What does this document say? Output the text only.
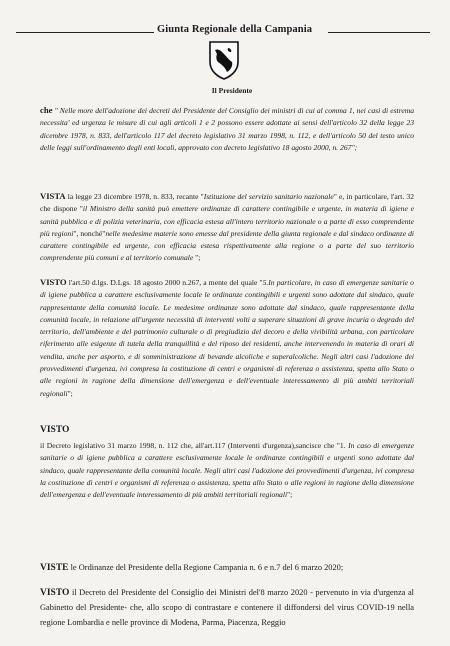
Giunta Regionale della Campania
Il Presidente

che " Nelle more dell'adozione dei decreti del Presidente del Consiglio dei ministri di cui al comma 1, nei casi di estrema necessita' ed urgenza le misure di cui agli articoli 1 e 2 possono essere adottate ai sensi dell'articolo 32 della legge 23 dicembre 1978, n. 833, dell'articolo 117 del decreto legislativo 31 marzo 1998, n. 112, e dell'articolo 50 del testo unico delle leggi sull'ordinamento degli enti locali, approvato con decreto legislativo 18 agosto 2000, n. 267";

VISTA la legge 23 dicembre 1978, n. 833, recante "Istituzione del servizio sanitario nazionale" e, in particolare, l'art. 32 che dispone "il Ministro della sanità può emettere ordinanze di carattere contingibile e urgente, in materia di igiene e sanità pubblica e di polizia veterinaria, con efficacia estesa all'intero territorio nazionale o a parte di esso comprendente più regioni", nonché"nelle medesime materie sono emesse dal presidente della giunta regionale e dal sindaco ordinanze di carattere contingibile ed urgente, con efficacia estesa rispettivamente alla regione o a parte del suo territorio comprendente più comuni e al territorio comunale ";

VISTO l'art.50 d.lgs. D.Lgs. 18 agosto 2000 n.267, a mente del quale "5.In particolare, in caso di emergenze sanitarie o di igiene pubblica a carattere esclusivamente locale le ordinanze contingibili e urgenti sono adottate dal sindaco, quale rappresentante della comunità locale. Le medesime ordinanze sono adottate dal sindaco, quale rappresentante della comunità locale, in relazione all'urgente necessità di interventi volti a superare situazioni di grave incuria o degrado del territorio, dell'ambiente e del patrimonio culturale o di pregiudizio del decoro e della vivibilità urbana, con particolare riferimento alle esigenze di tutela della tranquillità e del riposo dei residenti, anche intervenendo in materia di orari di vendita, anche per asporto, e di somministrazione di bevande alcoliche e superalcoliche. Negli altri casi l'adozione dei provvedimenti d'urgenza, ivi compresa la costituzione di centri e organismi di referenza o assistenza, spetta allo Stato o alle regioni in ragione della dimensione dell'emergenza e dell'eventuale interessamento di più ambiti territoriali regionali";

VISTO

il Decreto legislativo 31 marzo 1998, n. 112 che, all'art.117 (Interventi d'urgenza),sancisce che "1. In caso di emergenze sanitarie o di igiene pubblica a carattere esclusivamente locale le ordinanze contingibili e urgenti sono adottate dal sindaco, quale rappresentante della comunità locale. Negli altri casi l'adozione dei provvedimenti d'urgenza, ivi compresa la costituzione di centri e organismi di referenza o assistenza, spetta allo Stato o alle regioni in ragione della dimensione dell'emergenza e dell'eventuale interessamento di più ambiti territoriali regionali";

VISTE le Ordinanze del Presidente della Regione Campania n. 6 e n.7 del 6 marzo 2020;

VISTO il Decreto del Presidente del Consiglio dei Ministri del'8 marzo 2020 - pervenuto in via d'urgenza al Gabinetto del Presidente- che, allo scopo di contrastare e contenere il diffondersi del virus COVID-19 nella regione Lombardia e nelle province di Modena, Parma, Piacenza, Reggio
